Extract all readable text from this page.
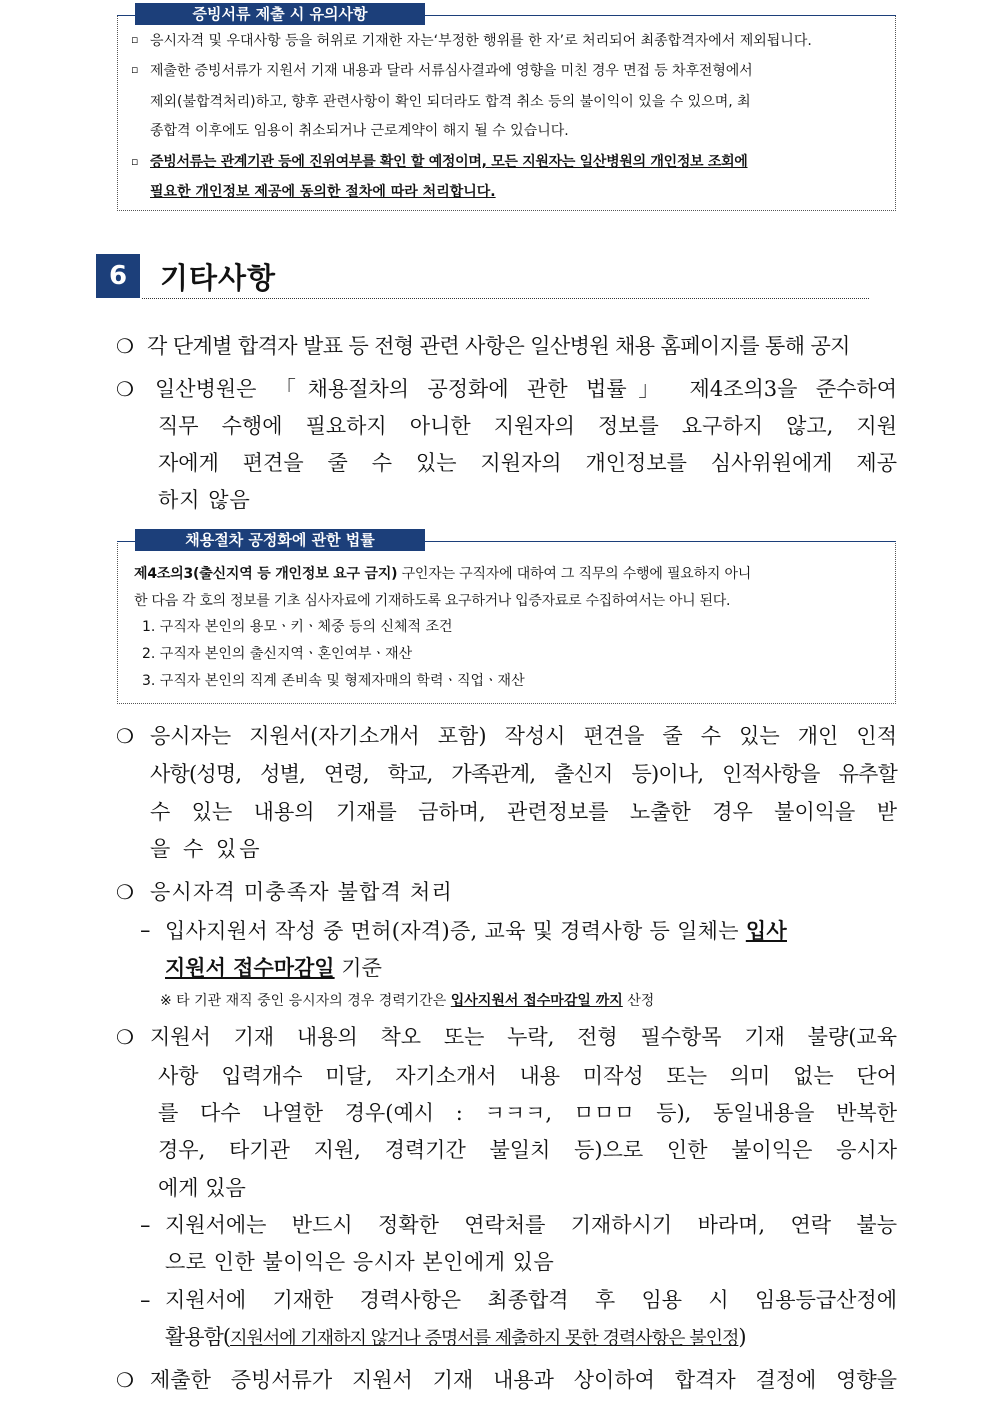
증빙서류 제출 시 유의사항
▫ 응시자격 및 우대사항 등을 허위로 기재한 자는‘부정한 행위를 한 자’로 처리되어 최종합격자에서 제외됩니다.
▫ 제출한 증빙서류가 지원서 기재 내용과 달라 서류심사결과에 영향을 미친 경우 면접 등 차후전형에서
제외(불합격처리)하고, 향후 관련사항이 확인 되더라도 합격 취소 등의 불이익이 있을 수 있으며, 최
종합격 이후에도 임용이 취소되거나 근로계약이 해지 될 수 있습니다.
▫ 증빙서류는 관계기관 등에 진위여부를 확인 할 예정이며, 모든 지원자는 일산병원의 개인정보 조회에
필요한 개인정보 제공에 동의한 절차에 따라 처리합니다.
6	기타사항
❍ 각 단계별 합격자 발표 등 전형 관련 사항은 일산병원 채용 홈페이지를 통해 공지
❍ 일산병원은 「채용절차의 공정화에 관한 법률」 제4조의3을 준수하여
직무 수행에 필요하지 아니한 지원자의 정보를 요구하지 않고, 지원
자에게 편견을 줄 수 있는 지원자의 개인정보를 심사위원에게 제공
하지 않음
채용절차 공정화에 관한 법률
제4조의3(출신지역 등 개인정보 요구 금지) 구인자는 구직자에 대하여 그 직무의 수행에 필요하지 아니
한 다음 각 호의 정보를 기초 심사자료에 기재하도록 요구하거나 입증자료로 수집하여서는 아니 된다.
1. 구직자 본인의 용모ㆍ키ㆍ체중 등의 신체적 조건
2. 구직자 본인의 출신지역ㆍ혼인여부ㆍ재산
3. 구직자 본인의 직계 존비속 및 형제자매의 학력ㆍ직업ㆍ재산
❍ 응시자는 지원서(자기소개서 포함) 작성시 편견을 줄 수 있는 개인 인적
사항(성명, 성별, 연령, 학교, 가족관계, 출신지 등)이나, 인적사항을 유추할
수 있는 내용의 기재를 금하며, 관련정보를 노출한 경우 불이익을 받
을 수 있음
❍ 응시자격 미충족자 불합격 처리
– 입사지원서 작성 중 면허(자격)증, 교육 및 경력사항 등 일체는 입사
지원서 접수마감일 기준
※ 타 기관 재직 중인 응시자의 경우 경력기간은 입사지원서 접수마감일 까지 산정
❍ 지원서 기재 내용의 착오 또는 누락, 전형 필수항목 기재 불량(교육
사항 입력개수 미달, 자기소개서 내용 미작성 또는 의미 없는 단어
를 다수 나열한 경우(예시 : ㅋㅋㅋ, ㅁㅁㅁ 등), 동일내용을 반복한
경우, 타기관 지원, 경력기간 불일치 등)으로 인한 불이익은 응시자
에게 있음
– 지원서에는 반드시 정확한 연락처를 기재하시기 바라며, 연락 불능
으로 인한 불이익은 응시자 본인에게 있음
– 지원서에 기재한 경력사항은 최종합격 후 임용 시 임용등급산정에
활용함(지원서에 기재하지 않거나 증명서를 제출하지 못한 경력사항은 불인정)
❍ 제출한 증빙서류가 지원서 기재 내용과 상이하여 합격자 결정에 영향을
